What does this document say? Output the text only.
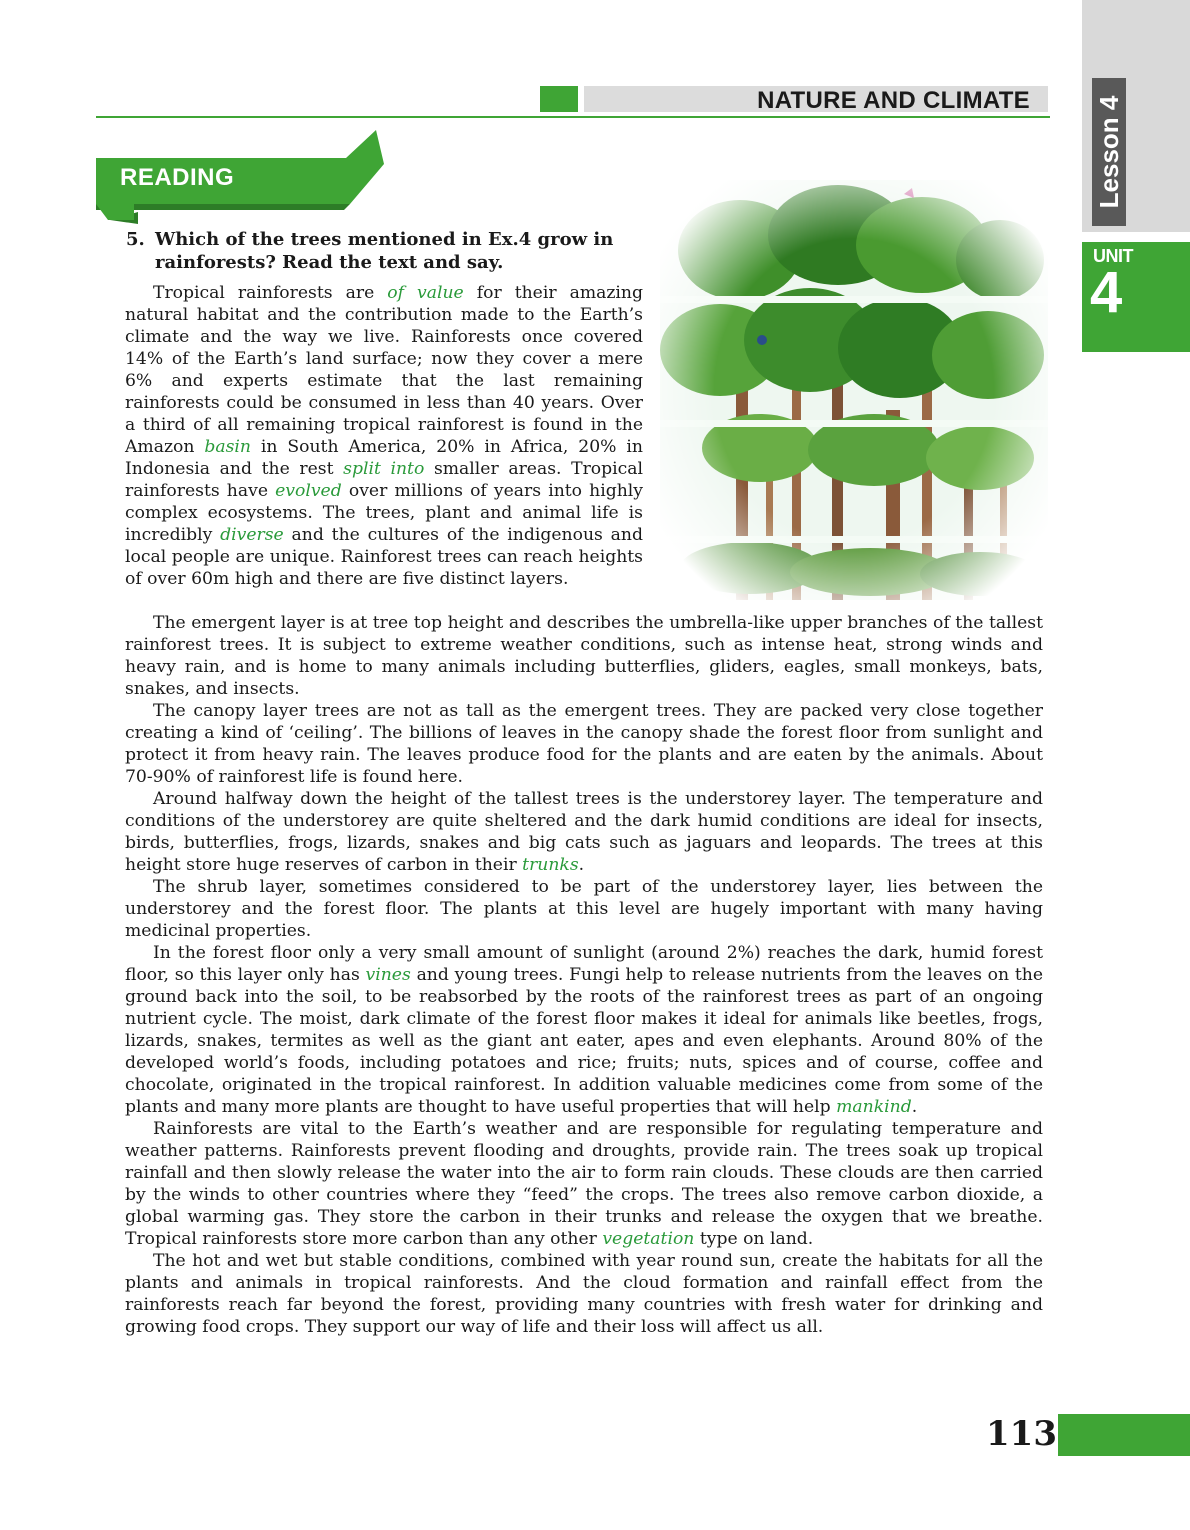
NATURE AND CLIMATE Lesson 4
UNIT
4
READING
5. Which of the trees mentioned in Ex.4 grow in
rainforests? Read the text and say.

Tropical rainforests are of value for their amazing natural habitat and the contribution made to the Earth’s climate and the way we live. Rainforests once covered 14% of the Earth’s land surface; now they cover a mere 6% and experts estimate that the last remaining rainforests could be consumed in less than 40 years. Over a third of all remaining tropical rainforest is found in the Amazon basin in South America, 20% in Africa, 20% in Indonesia and the rest split into smaller areas. Tropical rainforests have evolved over millions of years into highly complex ecosystems. The trees, plant and animal life is incredibly diverse and the cultures of the indigenous and local people are unique. Rainforest trees can reach heights of over 60m high and there are five distinct layers.

The emergent layer is at tree top height and describes the umbrella-like upper branches of the tallest rainforest trees. It is subject to extreme weather conditions, such as intense heat, strong winds and heavy rain, and is home to many animals including butterflies, gliders, eagles, small monkeys, bats, snakes, and insects.

The canopy layer trees are not as tall as the emergent trees. They are packed very close together creating a kind of ‘ceiling’. The billions of leaves in the canopy shade the forest floor from sunlight and protect it from heavy rain. The leaves produce food for the plants and are eaten by the animals. About 70-90% of rainforest life is found here.

Around halfway down the height of the tallest trees is the understorey layer. The temperature and conditions of the understorey are quite sheltered and the dark humid conditions are ideal for insects, birds, butterflies, frogs, lizards, snakes and big cats such as jaguars and leopards. The trees at this height store huge reserves of carbon in their trunks.

The shrub layer, sometimes considered to be part of the understorey layer, lies between the understorey and the forest floor. The plants at this level are hugely important with many having medicinal properties.

In the forest floor only a very small amount of sunlight (around 2%) reaches the dark, humid forest floor, so this layer only has vines and young trees. Fungi help to release nutrients from the leaves on the ground back into the soil, to be reabsorbed by the roots of the rainforest trees as part of an ongoing nutrient cycle. The moist, dark climate of the forest floor makes it ideal for animals like beetles, frogs, lizards, snakes, termites as well as the giant ant eater, apes and even elephants. Around 80% of the developed world’s foods, including potatoes and rice; fruits; nuts, spices and of course, coffee and chocolate, originated in the tropical rainforest. In addition valuable medicines come from some of the plants and many more plants are thought to have useful properties that will help mankind.

Rainforests are vital to the Earth’s weather and are responsible for regulating temperature and weather patterns. Rainforests prevent flooding and droughts, provide rain. The trees soak up tropical rainfall and then slowly release the water into the air to form rain clouds. These clouds are then carried by the winds to other countries where they “feed” the crops. The trees also remove carbon dioxide, a global warming gas. They store the carbon in their trunks and release the oxygen that we breathe. Tropical rainforests store more carbon than any other vegetation type on land.

The hot and wet but stable conditions, combined with year round sun, create the habitats for all the plants and animals in tropical rainforests. And the cloud formation and rainfall effect from the rainforests reach far beyond the forest, providing many countries with fresh water for drinking and growing food crops. They support our way of life and their loss will affect us all.

113
